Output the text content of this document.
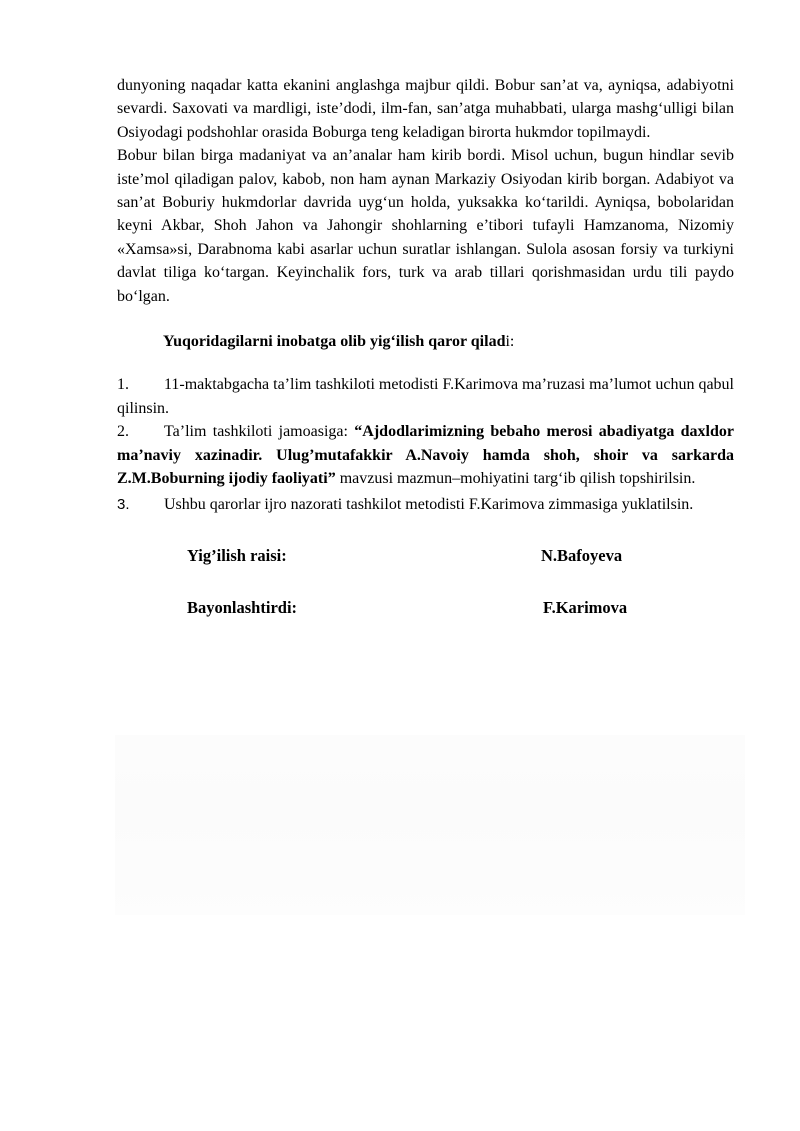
dunyoning naqadar katta ekanini anglashga majbur qildi. Bobur san’at va, ayniqsa, adabiyotni sevardi. Saxovati va mardligi, iste’dodi, ilm-fan, san’atga muhabbati, ularga mashg‘ulligi bilan Osiyodagi podshohlar orasida Boburga teng keladigan birorta hukmdor topilmaydi.

Bobur bilan birga madaniyat va an’analar ham kirib bordi. Misol uchun, bugun hindlar sevib iste’mol qiladigan palov, kabob, non ham aynan Markaziy Osiyodan kirib borgan. Adabiyot va san’at Boburiy hukmdorlar davrida uyg‘un holda, yuksakka ko‘tarildi. Ayniqsa, bobolaridan keyni Akbar, Shoh Jahon va Jahongir shohlarning e’tibori tufayli Hamzanoma, Nizomiy «Xamsa»si, Darabnoma kabi asarlar uchun suratlar ishlangan. Sulola asosan forsiy va turkiyni davlat tiliga ko‘targan. Keyinchalik fors, turk va arab tillari qorishmasidan urdu tili paydo bo‘lgan.

Yuqoridagilarni inobatga olib yig‘ilish qaror qiladi:

1. 11-maktabgacha ta’lim tashkiloti metodisti F.Karimova ma’ruzasi ma’lumot uchun qabul qilinsin.

2. Ta’lim tashkiloti jamoasiga: “Ajdodlarimizning bebaho merosi abadiyatga daxldor ma’naviy xazinadir. Ulug’mutafakkir A.Navoiy hamda shoh, shoir va sarkarda Z.M.Boburning ijodiy faoliyati” mavzusi mazmun–mohiyatini targ‘ib qilish topshirilsin.

3. Ushbu qarorlar ijro nazorati tashkilot metodisti F.Karimova zimmasiga yuklatilsin.

Yig’ilish raisi:	N.Bafoyeva
Bayonlashtirdi:	F.Karimova
